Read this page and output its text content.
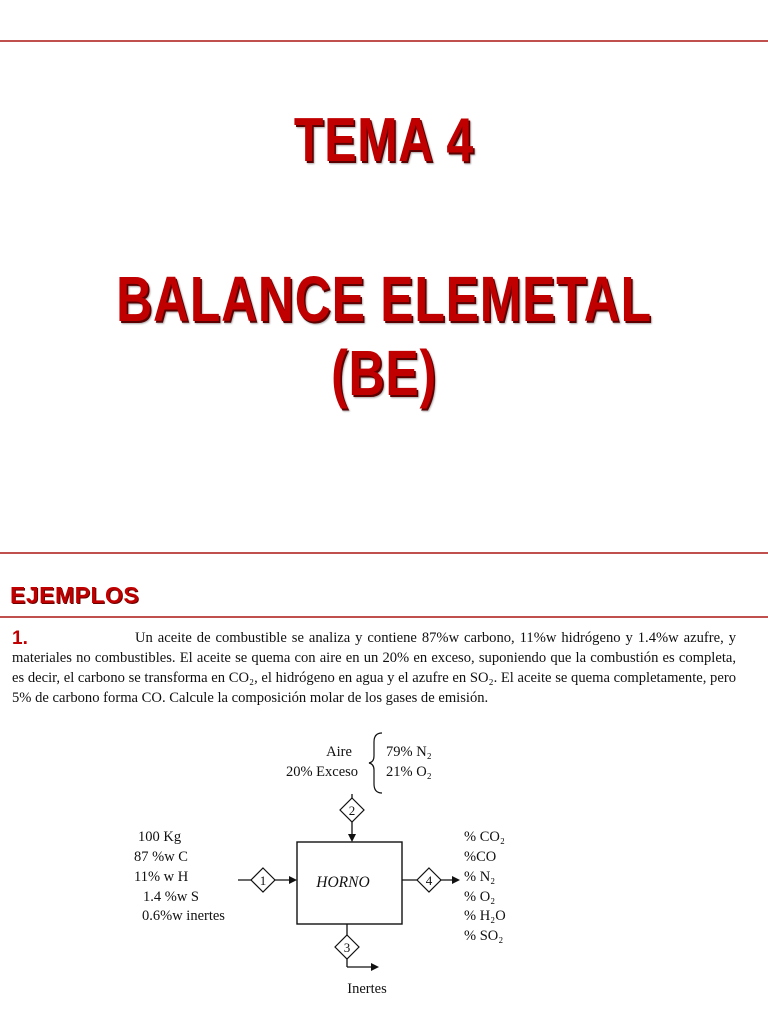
TEMA 4
BALANCE ELEMETAL (BE)
EJEMPLOS
1.	Un aceite de combustible se analiza y contiene 87%w carbono, 11%w hidrógeno y 1.4%w azufre, y materiales no combustibles. El aceite se quema con aire en un 20% en exceso, suponiendo que la combustión es completa, es decir, el carbono se transforma en CO₂, el hidrógeno en agua y el azufre en SO₂. El aceite se quema completamente, pero 5% de carbono forma CO. Calcule la composición molar de los gases de emisión.
Aire
20% Exceso
79% N₂
21% O₂
2
100 Kg
87 %w C
11% w H
1.4 %w S
0.6%w inertes
1	HORNO	4
% CO₂
%CO
% N₂
% O₂
% H₂O
% SO₂
3
Inertes
